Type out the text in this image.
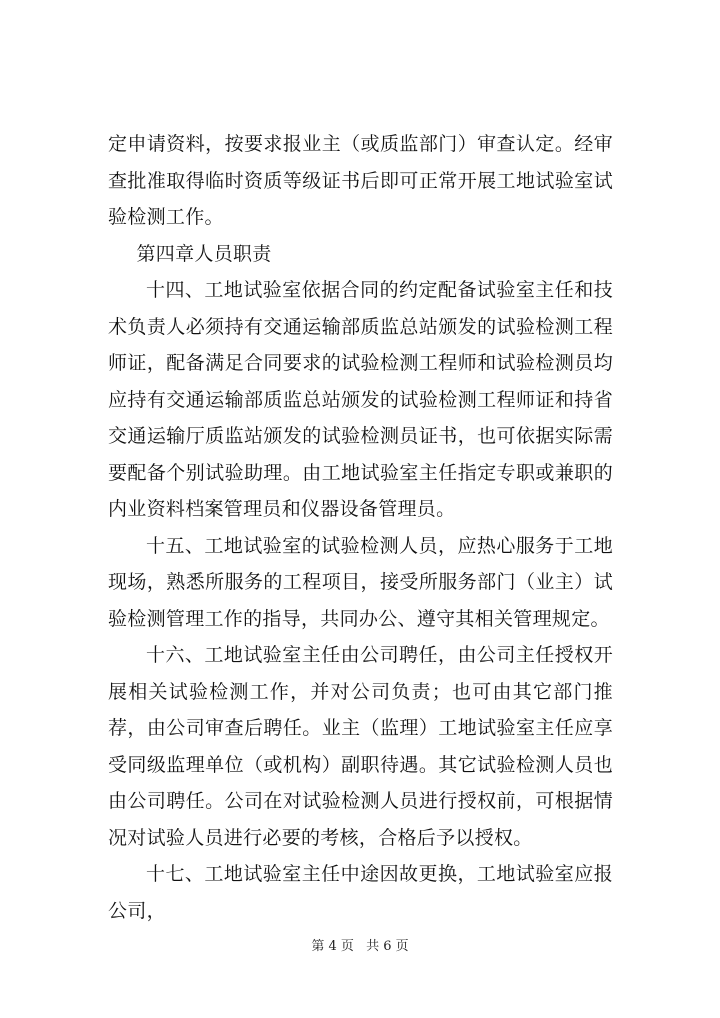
定申请资料，按要求报业主（或质监部门）审查认定。经审查批准取得临时资质等级证书后即可正常开展工地试验室试验检测工作。

第四章人员职责

十四、工地试验室依据合同的约定配备试验室主任和技术负责人必须持有交通运输部质监总站颁发的试验检测工程师证，配备满足合同要求的试验检测工程师和试验检测员均应持有交通运输部质监总站颁发的试验检测工程师证和持省交通运输厅质监站颁发的试验检测员证书，也可依据实际需要配备个别试验助理。由工地试验室主任指定专职或兼职的内业资料档案管理员和仪器设备管理员。

十五、工地试验室的试验检测人员，应热心服务于工地现场，熟悉所服务的工程项目，接受所服务部门（业主）试验检测管理工作的指导，共同办公、遵守其相关管理规定。

十六、工地试验室主任由公司聘任，由公司主任授权开展相关试验检测工作，并对公司负责；也可由其它部门推荐，由公司审查后聘任。业主（监理）工地试验室主任应享受同级监理单位（或机构）副职待遇。其它试验检测人员也由公司聘任。公司在对试验检测人员进行授权前，可根据情况对试验人员进行必要的考核，合格后予以授权。

十七、工地试验室主任中途因故更换，工地试验室应报公司，

第 4 页 共 6 页
